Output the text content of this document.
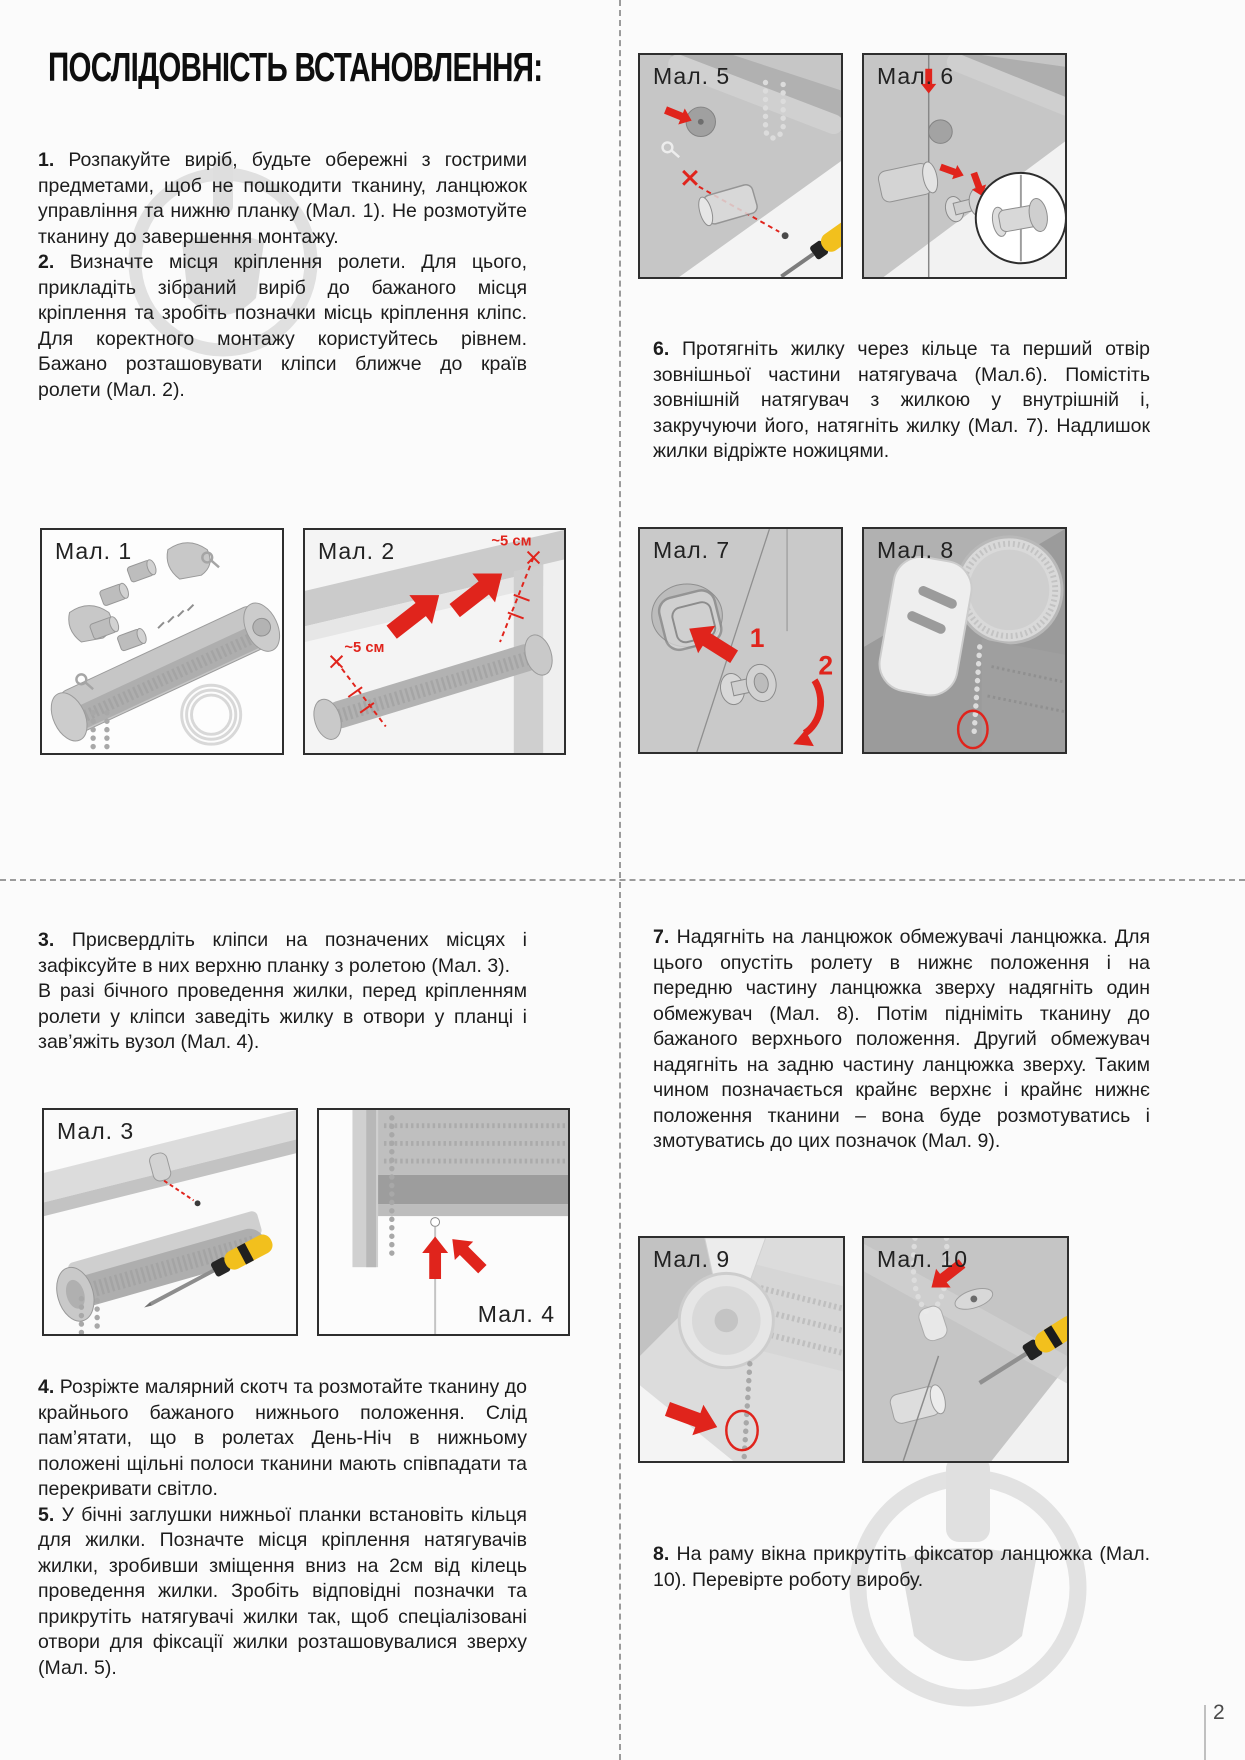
ПОСЛІДОВНІСТЬ ВСТАНОВЛЕННЯ:

1. Розпакуйте виріб, будьте обережні з гострими предметами, щоб не пошкодити тканину, ланцюжок управління та нижню планку (Мал. 1). Не розмотуйте тканину до завершення монтажу.

2. Визначте місця кріплення ролети. Для цього, прикладіть зібраний виріб до бажаного місця кріплення та зробіть позначки місць кріплення кліпс. Для коректного монтажу користуйтесь рівнем. Бажано розташовувати кліпси ближче до країв ролети (Мал. 2).

Мал. 1	~5 см
~5 см
Мал. 2
Мал. 5	Мал. 6

6. Протягніть жилку через кільце та перший отвір зовнішньої частини натягувача (Мал.6). Помістіть зовнішній натягувач з жилкою у внутрішній і, закручуючи його, натягніть жилку (Мал. 7). Надлишок жилки відріжте ножицями.

1
2
Мал. 7	Мал. 8

3. Присвердліть кліпси на позначених місцях і зафіксуйте в них верхню планку з ролетою (Мал. 3).

В разі бічного проведення жилки, перед кріпленням ролети у кліпси заведіть жилку в отвори у планці і зав’яжіть вузол (Мал. 4).

Мал. 3
Мал. 4

4. Розріжте малярний скотч та розмотайте тканину до крайнього бажаного нижнього положення. Слід пам’ятати, що в ролетах День-Ніч в нижньому положені щільні полоси тканини мають співпадати та перекривати світло.

5. У бічні заглушки нижньої планки встановіть кільця для жилки. Позначте місця кріплення натягувачів жилки, зробивши зміщення вниз на 2см від кілець проведення жилки. Зробіть відповідні позначки та прикрутіть натягувачі жилки так, щоб спеціалізовані отвори для фіксації жилки розташовувалися зверху (Мал. 5).

7. Надягніть на ланцюжок обмежувачі ланцюжка. Для цього опустіть ролету в нижнє положення і на передню частину ланцюжка зверху надягніть один обмежувач (Мал. 8). Потім підніміть тканину до бажаного верхнього положення. Другий обмежувач надягніть на задню частину ланцюжка зверху. Таким чином позначається крайнє верхнє і крайнє нижнє положення тканини – вона буде розмотуватись і змотуватись до цих позначок (Мал. 9).

Мал. 9	Мал. 10

8. На раму вікна прикрутіть фіксатор ланцюжка (Мал. 10). Перевірте роботу виробу.

2
